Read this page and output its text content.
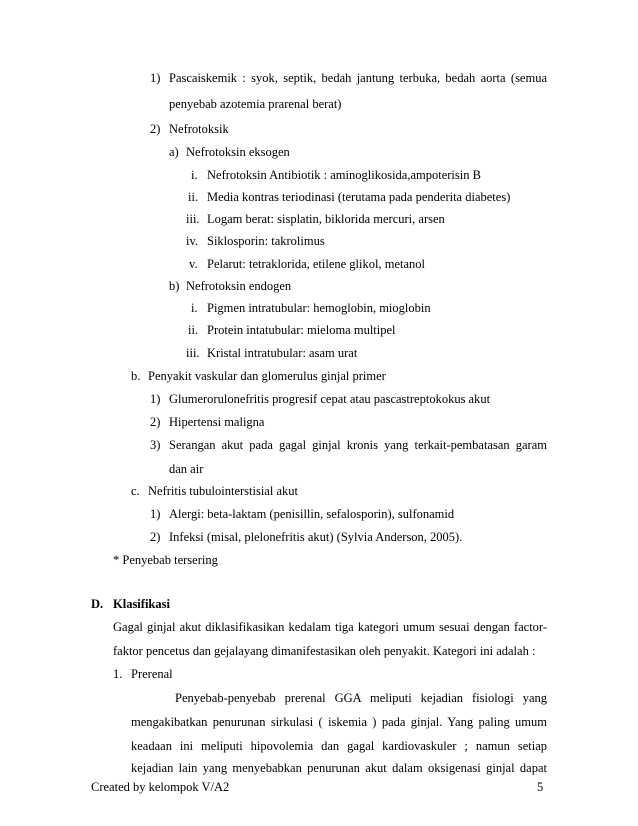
1) Pascaiskemik : syok, septik, bedah jantung terbuka, bedah aorta (semua
penyebab azotemia prarenal berat)
2) Nefrotoksik
a) Nefrotoksin eksogen
i. Nefrotoksin Antibiotik : aminoglikosida,ampoterisin B
ii. Media kontras teriodinasi (terutama pada penderita diabetes)
iii. Logam berat: sisplatin, biklorida mercuri, arsen
iv. Siklosporin: takrolimus
v. Pelarut: tetraklorida, etilene glikol, metanol
b) Nefrotoksin endogen
i. Pigmen intratubular: hemoglobin, mioglobin
ii. Protein intatubular: mieloma multipel
iii. Kristal intratubular: asam urat
b. Penyakit vaskular dan glomerulus ginjal primer
1) Glumerorulonefritis progresif cepat atau pascastreptokokus akut
2) Hipertensi maligna
3) Serangan akut pada gagal ginjal kronis yang terkait-pembatasan garam
dan air
c. Nefritis tubulointerstisial akut
1) Alergi: beta-laktam (penisillin, sefalosporin), sulfonamid
2) Infeksi (misal, plelonefritis akut) (Sylvia Anderson, 2005).
* Penyebab tersering
D. Klasifikasi
Gagal ginjal akut diklasifikasikan kedalam tiga kategori umum sesuai dengan factor-
faktor pencetus dan gejalayang dimanifestasikan oleh penyakit. Kategori ini adalah :
1. Prerenal
Penyebab-penyebab prerenal GGA meliputi kejadian fisiologi yang
mengakibatkan penurunan sirkulasi ( iskemia ) pada ginjal. Yang paling umum
keadaan ini meliputi hipovolemia dan gagal kardiovaskuler ; namun setiap
kejadian lain yang menyebabkan penurunan akut dalam oksigenasi ginjal dapat
Created by kelompok V/A2	5
